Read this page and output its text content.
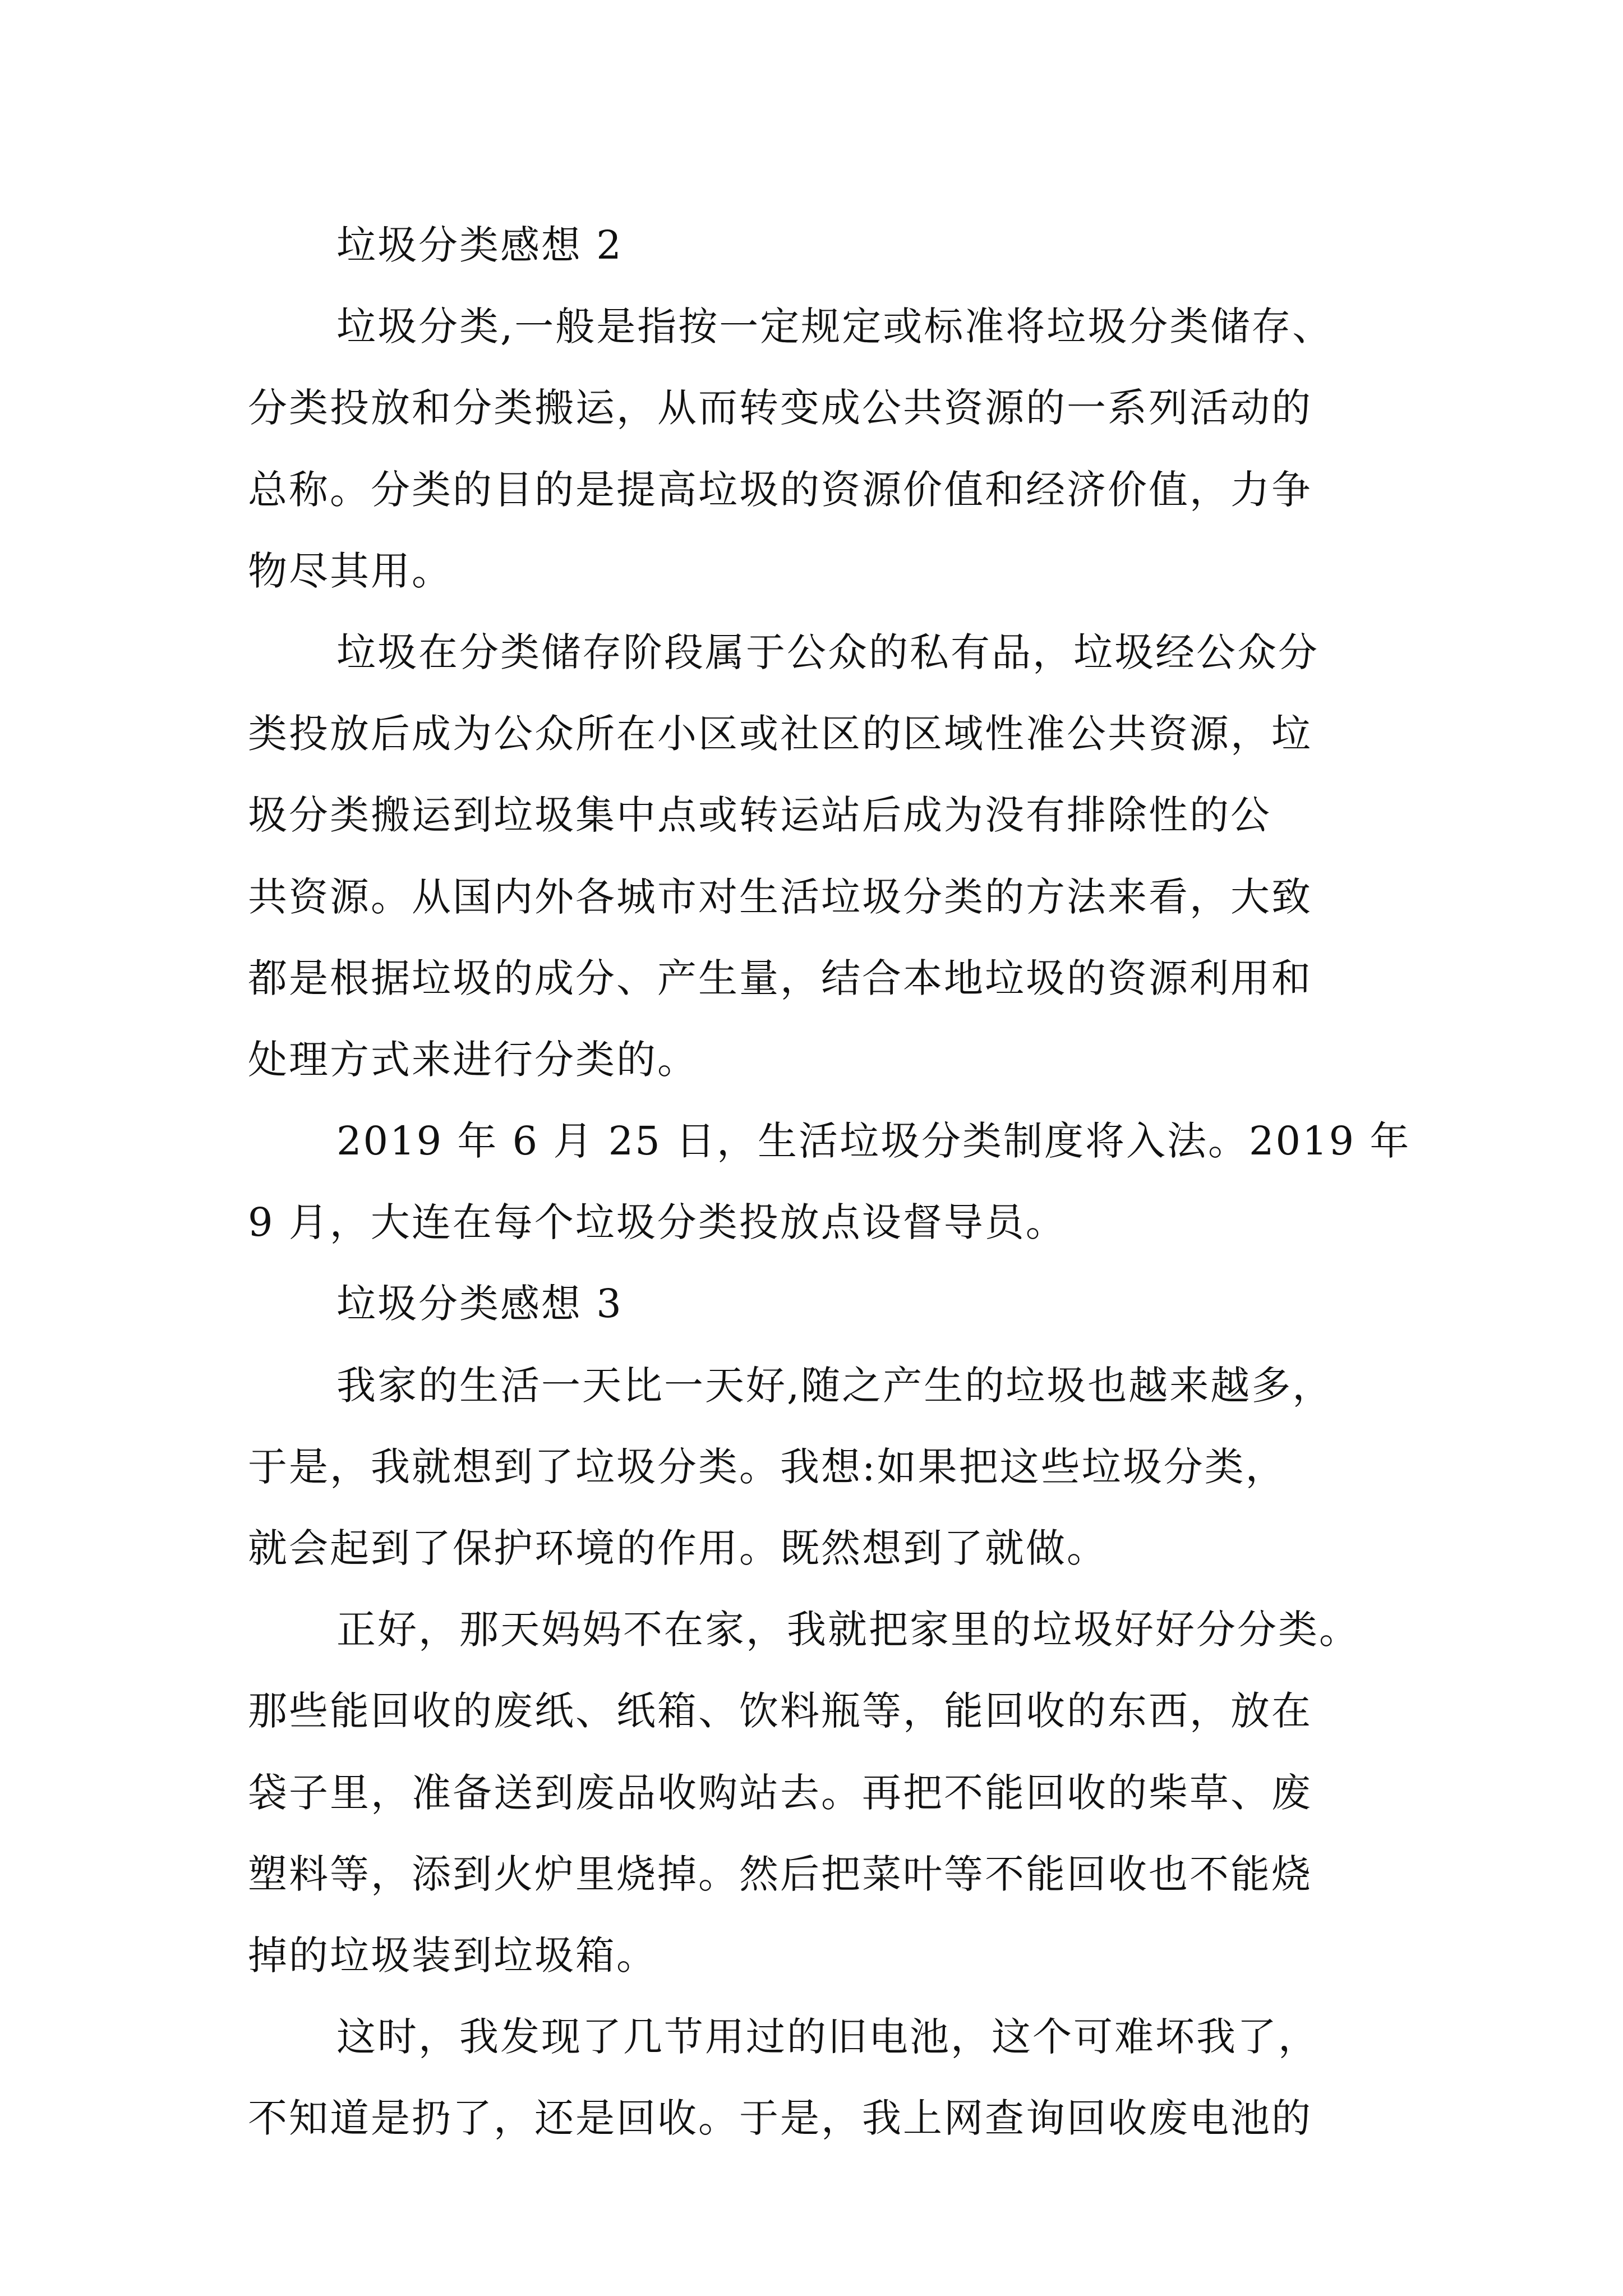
垃圾分类感想 2
垃圾分类,一般是指按一定规定或标准将垃圾分类储存、
分类投放和分类搬运，从而转变成公共资源的一系列活动的
总称。分类的目的是提高垃圾的资源价值和经济价值，力争
物尽其用。
垃圾在分类储存阶段属于公众的私有品，垃圾经公众分
类投放后成为公众所在小区或社区的区域性准公共资源，垃
圾分类搬运到垃圾集中点或转运站后成为没有排除性的公
共资源。从国内外各城市对生活垃圾分类的方法来看，大致
都是根据垃圾的成分、产生量，结合本地垃圾的资源利用和
处理方式来进行分类的。
2019 年 6 月 25 日，生活垃圾分类制度将入法。2019 年
9 月，大连在每个垃圾分类投放点设督导员。
垃圾分类感想 3
我家的生活一天比一天好,随之产生的垃圾也越来越多，
于是，我就想到了垃圾分类。我想:如果把这些垃圾分类，
就会起到了保护环境的作用。既然想到了就做。
正好，那天妈妈不在家，我就把家里的垃圾好好分分类。
那些能回收的废纸、纸箱、饮料瓶等，能回收的东西，放在
袋子里，准备送到废品收购站去。再把不能回收的柴草、废
塑料等，添到火炉里烧掉。然后把菜叶等不能回收也不能烧
掉的垃圾装到垃圾箱。
这时，我发现了几节用过的旧电池，这个可难坏我了，
不知道是扔了，还是回收。于是，我上网查询回收废电池的
